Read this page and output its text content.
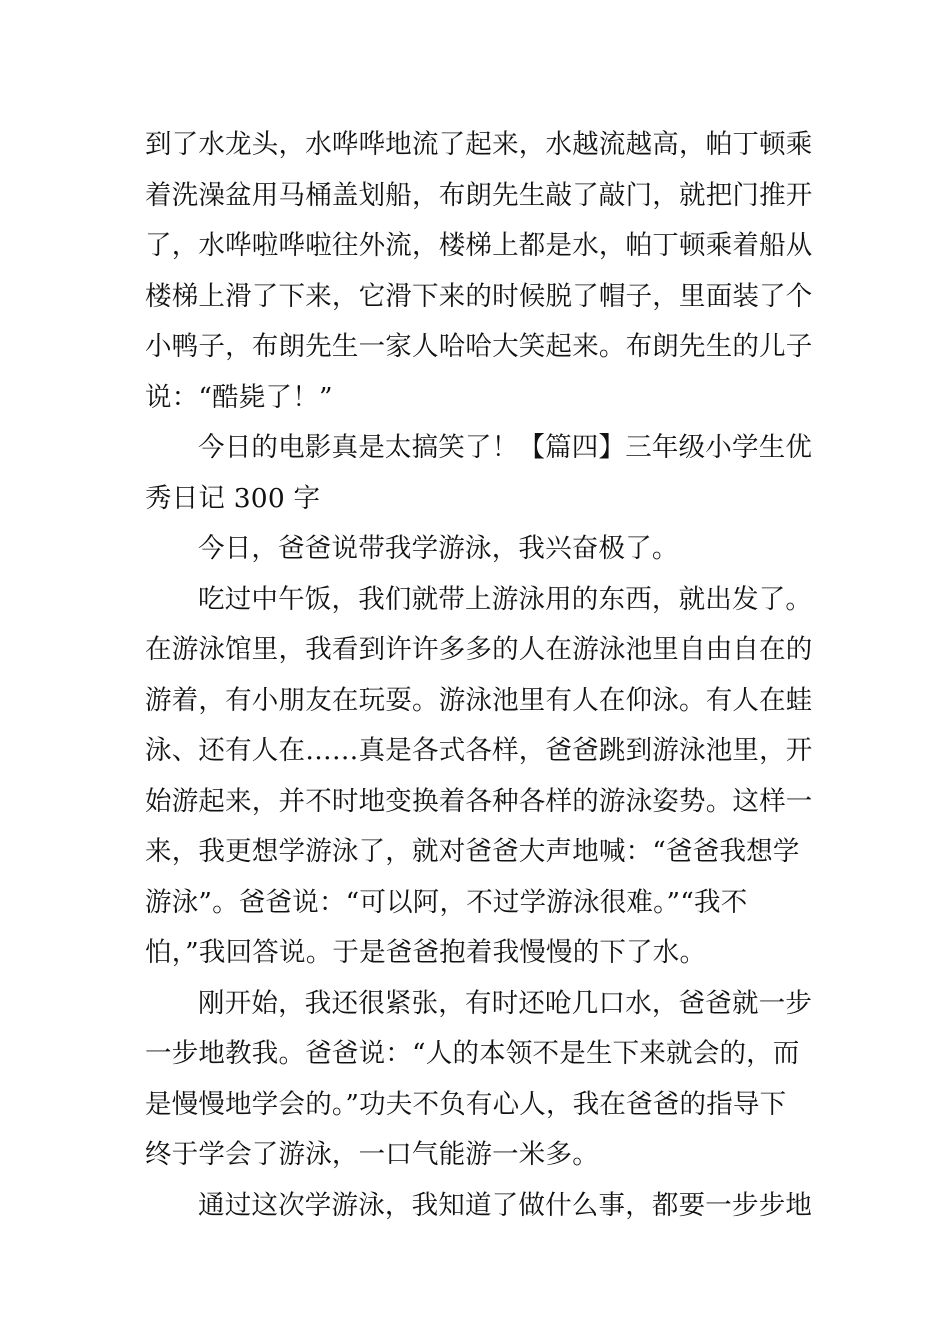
到了水龙头，水哗哗地流了起来，水越流越高，帕丁顿乘
着洗澡盆用马桶盖划船，布朗先生敲了敲门，就把门推开
了，水哗啦哗啦往外流，楼梯上都是水，帕丁顿乘着船从
楼梯上滑了下来，它滑下来的时候脱了帽子，里面装了个
小鸭子，布朗先生一家人哈哈大笑起来。布朗先生的儿子
说：“酷毙了！”
今日的电影真是太搞笑了！【篇四】三年级小学生优
秀日记 300 字
今日，爸爸说带我学游泳，我兴奋极了。
吃过中午饭，我们就带上游泳用的东西，就出发了。
在游泳馆里，我看到许许多多的人在游泳池里自由自在的
游着，有小朋友在玩耍。游泳池里有人在仰泳。有人在蛙
泳、还有人在……真是各式各样，爸爸跳到游泳池里，开
始游起来，并不时地变换着各种各样的游泳姿势。这样一
来，我更想学游泳了，就对爸爸大声地喊：“爸爸我想学
游泳”。爸爸说：“可以阿，不过学游泳很难。”“我不
怕，”我回答说。于是爸爸抱着我慢慢的下了水。
刚开始，我还很紧张，有时还呛几口水，爸爸就一步
一步地教我。爸爸说：“人的本领不是生下来就会的，而
是慢慢地学会的。”功夫不负有心人，我在爸爸的指导下
终于学会了游泳，一口气能游一米多。
通过这次学游泳，我知道了做什么事，都要一步步地
